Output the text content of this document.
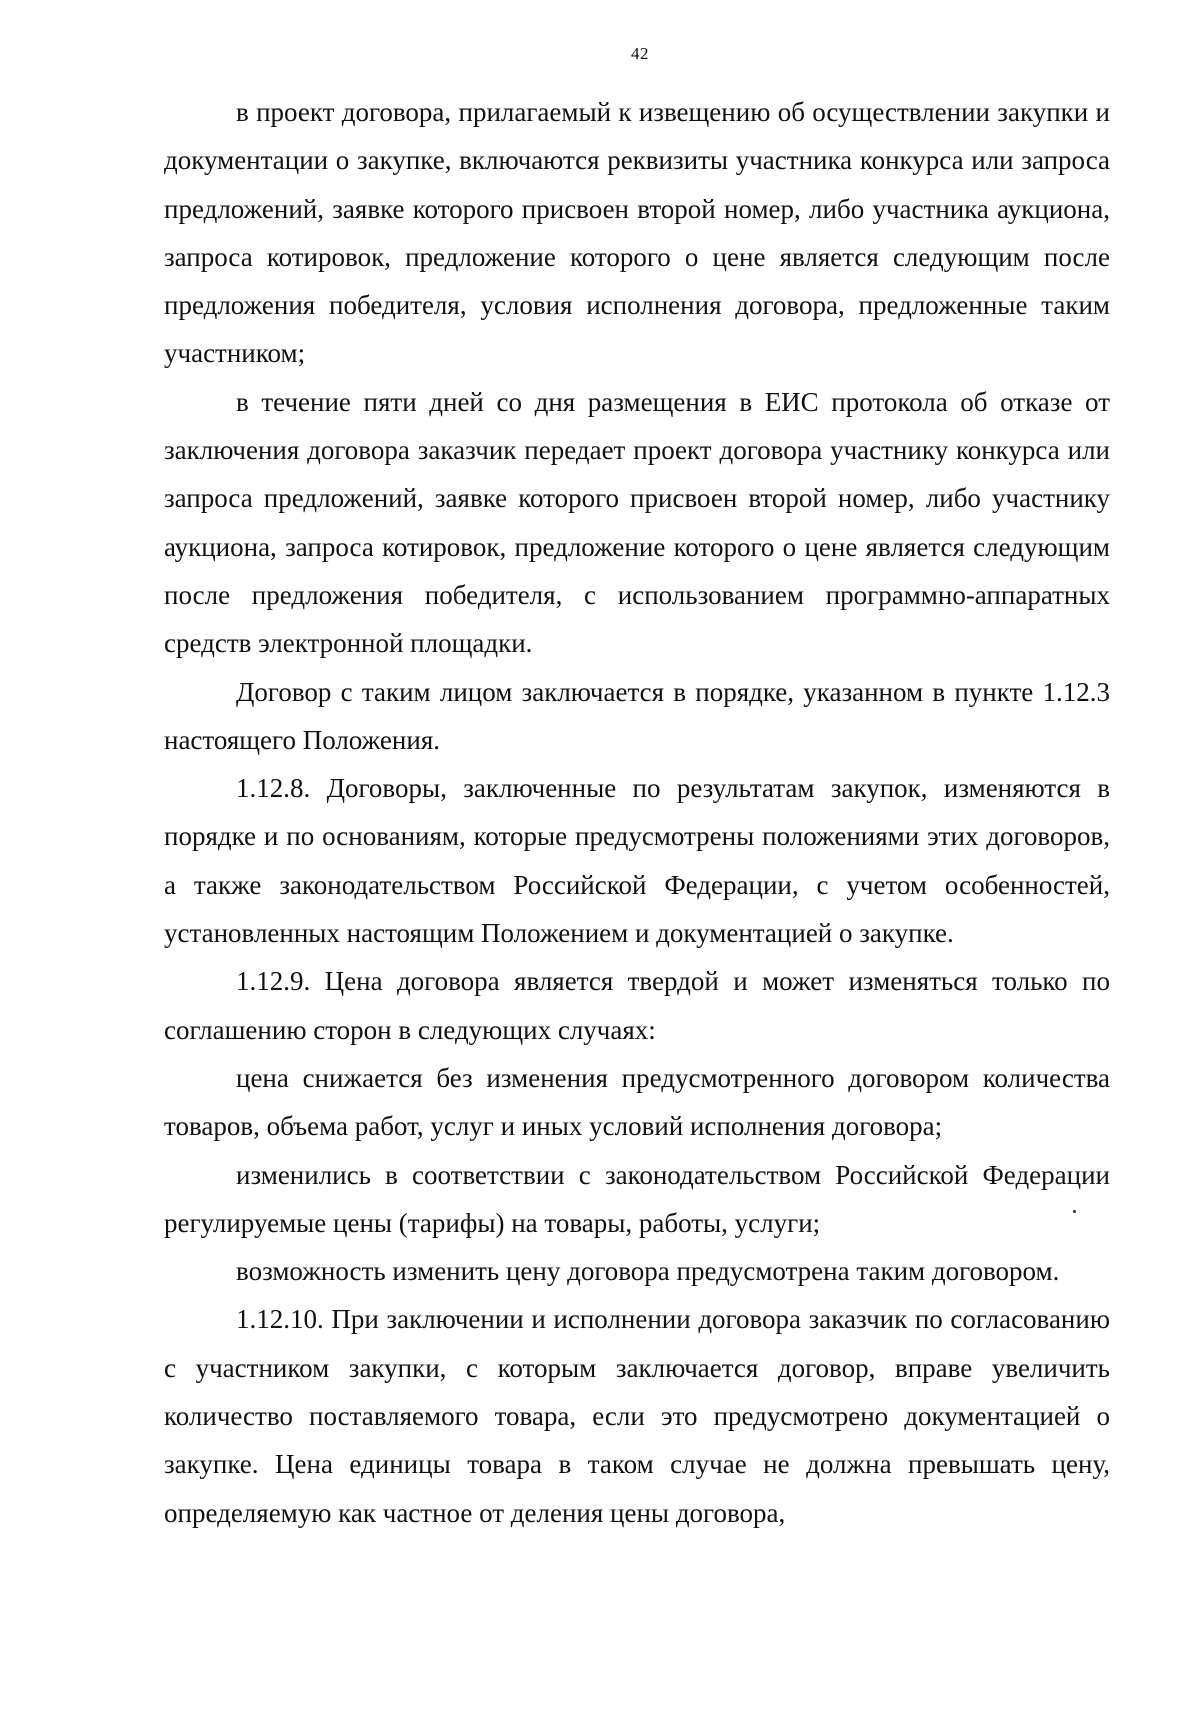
42

в проект договора, прилагаемый к извещению об осуществлении закупки и документации о закупке, включаются реквизиты участника конкурса или запроса предложений, заявке которого присвоен второй номер, либо участника аукциона, запроса котировок, предложение которого о цене является следующим после предложения победителя, условия исполнения договора, предложенные таким участником;

в течение пяти дней со дня размещения в ЕИС протокола об отказе от заключения договора заказчик передает проект договора участнику конкурса или запроса предложений, заявке которого присвоен второй номер, либо участнику аукциона, запроса котировок, предложение которого о цене является следующим после предложения победителя, с использованием программно-аппаратных средств электронной площадки.

Договор с таким лицом заключается в порядке, указанном в пункте 1.12.3 настоящего Положения.

1.12.8. Договоры, заключенные по результатам закупок, изменяются в порядке и по основаниям, которые предусмотрены положениями этих договоров, а также законодательством Российской Федерации, с учетом особенностей, установленных настоящим Положением и документацией о закупке.

1.12.9. Цена договора является твердой и может изменяться только по соглашению сторон в следующих случаях:

цена снижается без изменения предусмотренного договором количества товаров, объема работ, услуг и иных условий исполнения договора;

изменились в соответствии с законодательством Российской Федерации регулируемые цены (тарифы) на товары, работы, услуги;

возможность изменить цену договора предусмотрена таким договором.

1.12.10. При заключении и исполнении договора заказчик по согласованию с участником закупки, с которым заключается договор, вправе увеличить количество поставляемого товара, если это предусмотрено документацией о закупке. Цена единицы товара в таком случае не должна превышать цену, определяемую как частное от деления цены договора,
